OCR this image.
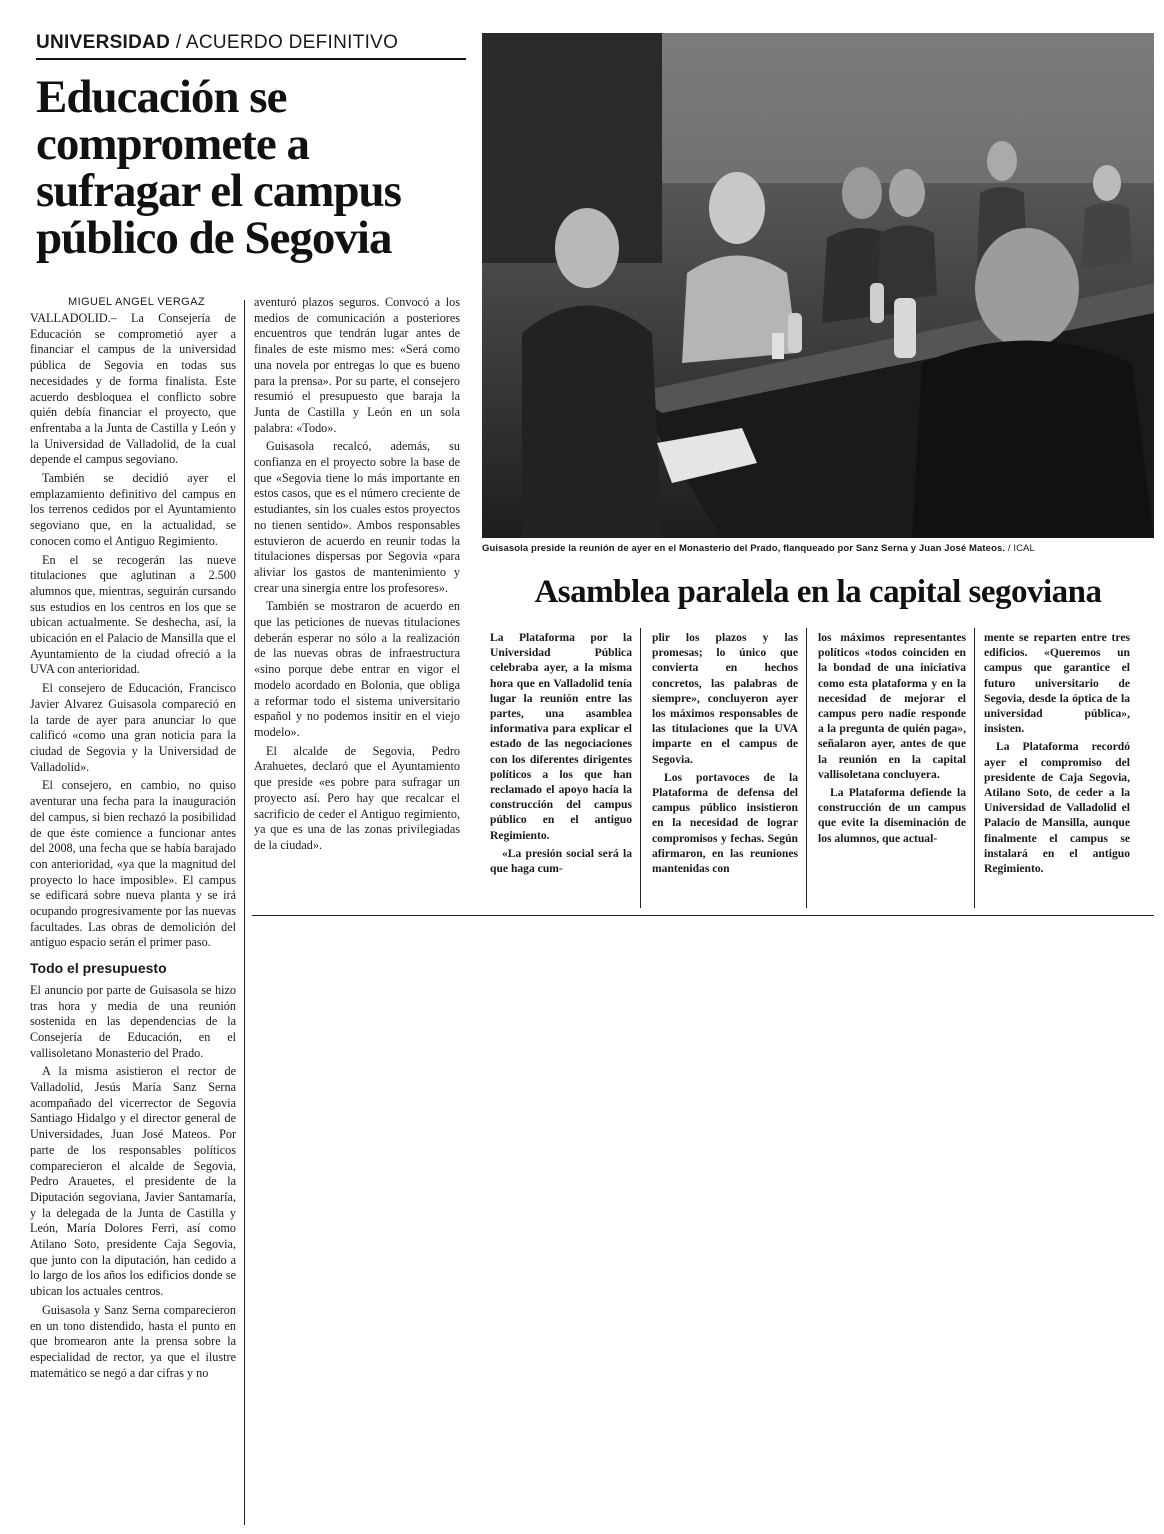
UNIVERSIDAD / ACUERDO DEFINITIVO
Educación se compromete a sufragar el campus público de Segovia
MIGUEL ANGEL VERGAZ

VALLADOLID.– La Consejería de Educación se comprometió ayer a financiar el campus de la universidad pública de Segovia en todas sus necesidades y de forma finalista. Este acuerdo desbloquea el conflicto sobre quién debía financiar el proyecto, que enfrentaba a la Junta de Castilla y León y la Universidad de Valladolid, de la cual depende el campus segoviano.

También se decidió ayer el emplazamiento definitivo del campus en los terrenos cedidos por el Ayuntamiento segoviano que, en la actualidad, se conocen como el Antiguo Regimiento.

En el se recogerán las nueve titulaciones que aglutinan a 2.500 alumnos que, mientras, seguirán cursando sus estudios en los centros en los que se ubican actualmente. Se deshecha, así, la ubicación en el Palacio de Mansilla que el Ayuntamiento de la ciudad ofreció a la UVA con anterioridad.

El consejero de Educación, Francisco Javier Alvarez Guisasola compareció en la tarde de ayer para anunciar lo que calificó «como una gran noticia para la ciudad de Segovia y la Universidad de Valladolid».

El consejero, en cambio, no quiso aventurar una fecha para la inauguración del campus, si bien rechazó la posibilidad de que éste comience a funcionar antes del 2008, una fecha que se había barajado con anterioridad, «ya que la magnitud del proyecto lo hace imposible». El campus se edificará sobre nueva planta y se irá ocupando progresivamente por las nuevas facultades. Las obras de demolición del antiguo espacio serán el primer paso.

Todo el presupuesto

El anuncio por parte de Guisasola se hizo tras hora y media de una reunión sostenida en las dependencias de la Consejería de Educación, en el vallisoletano Monasterio del Prado.

A la misma asistieron el rector de Valladolid, Jesús María Sanz Serna acompañado del vicerrector de Segovia Santiago Hidalgo y el director general de Universidades, Juan José Mateos. Por parte de los responsables políticos comparecieron el alcalde de Segovia, Pedro Arauetes, el presidente de la Diputación segoviana, Javier Santamaría, y la delegada de la Junta de Castilla y León, María Dolores Ferri, así como Atilano Soto, presidente Caja Segovia, que junto con la diputación, han cedido a lo largo de los años los edificios donde se ubican los actuales centros.

Guisasola y Sanz Serna comparecieron en un tono distendido, hasta el punto en que bromearon ante la prensa sobre la especialidad de rector, ya que el ilustre matemático se negó a dar cifras y no

aventuró plazos seguros. Convocó a los medios de comunicación a posteriores encuentros que tendrán lugar antes de finales de este mismo mes: «Será como una novela por entregas lo que es bueno para la prensa». Por su parte, el consejero resumió el presupuesto que baraja la Junta de Castilla y León en un sola palabra: «Todo».

Guisasola recalcó, además, su confianza en el proyecto sobre la base de que «Segovia tiene lo más importante en estos casos, que es el número creciente de estudiantes, sin los cuales estos proyectos no tienen sentido». Ambos responsables estuvieron de acuerdo en reunir todas la titulaciones dispersas por Segovia «para aliviar los gastos de mantenimiento y crear una sinergia entre los profesores».

También se mostraron de acuerdo en que las peticiones de nuevas titulaciones deberán esperar no sólo a la realización de las nuevas obras de infraestructura «sino porque debe entrar en vigor el modelo acordado en Bolonia, que obliga a reformar todo el sistema universitario español y no podemos insitir en el viejo modelo».

El alcalde de Segovia, Pedro Arahuetes, declaró que el Ayuntamiento que preside «es pobre para sufragar un proyecto así. Pero hay que recalcar el sacrificio de ceder el Antiguo regimiento, ya que es una de las zonas privilegiadas de la ciudad».

Guisasola preside la reunión de ayer en el Monasterio del Prado, flanqueado por Sanz Serna y Juan José Mateos. / ICAL
Asamblea paralela en la capital segoviana

La Plataforma por la Universidad Pública celebraba ayer, a la misma hora que en Valladolid tenía lugar la reunión entre las partes, una asamblea informativa para explicar el estado de las negociaciones con los diferentes dirigentes políticos a los que han reclamado el apoyo hacia la construcción del campus público en el antiguo Regimiento.

«La presión social será la que haga cum-

plir los plazos y las promesas; lo único que convierta en hechos concretos, las palabras de siempre», concluyeron ayer los máximos responsables de las titulaciones que la UVA imparte en el campus de Segovia.

Los portavoces de la Plataforma de defensa del campus público insistieron en la necesidad de lograr compromisos y fechas. Según afirmaron, en las reuniones mantenidas con

los máximos representantes políticos «todos coinciden en la bondad de una iniciativa como esta plataforma y en la necesidad de mejorar el campus pero nadie responde a la pregunta de quién paga», señalaron ayer, antes de que la reunión en la capital vallisoletana concluyera.

La Plataforma defiende la construcción de un campus que evite la diseminación de los alumnos, que actual-

mente se reparten entre tres edificios. «Queremos un campus que garantice el futuro universitario de Segovia, desde la óptica de la universidad pública», insisten.

La Plataforma recordó ayer el compromiso del presidente de Caja Segovia, Atilano Soto, de ceder a la Universidad de Valladolid el Palacio de Mansilla, aunque finalmente el campus se instalará en el antiguo Regimiento.
